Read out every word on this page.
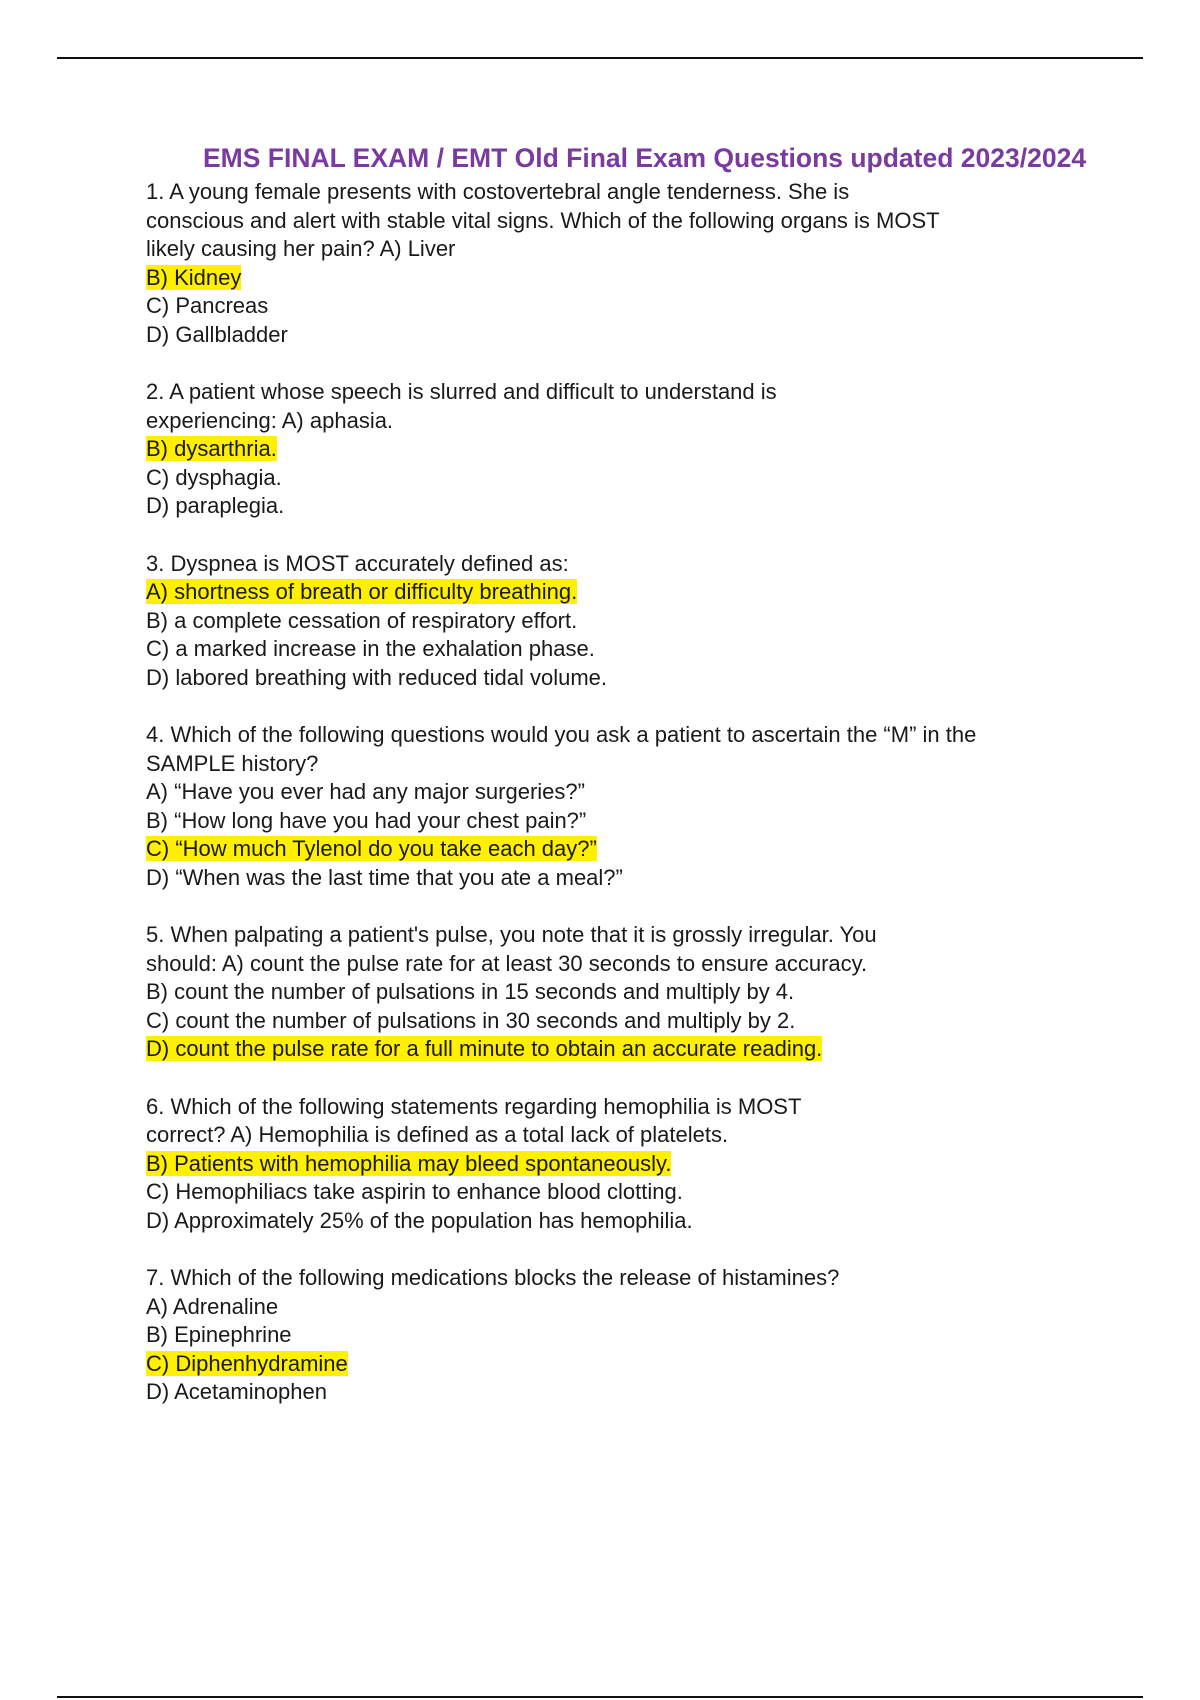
EMS FINAL EXAM / EMT Old Final Exam Questions updated 2023/2024
1. A young female presents with costovertebral angle tenderness. She is
conscious and alert with stable vital signs. Which of the following organs is MOST
likely causing her pain? A) Liver
B) Kidney
C) Pancreas
D) Gallbladder
2. A patient whose speech is slurred and difficult to understand is
experiencing: A) aphasia.
B) dysarthria.
C) dysphagia.
D) paraplegia.
3. Dyspnea is MOST accurately defined as:
A) shortness of breath or difficulty breathing.
B) a complete cessation of respiratory effort.
C) a marked increase in the exhalation phase.
D) labored breathing with reduced tidal volume.
4. Which of the following questions would you ask a patient to ascertain the “M” in the
SAMPLE history?
A) “Have you ever had any major surgeries?”
B) “How long have you had your chest pain?”
C) “How much Tylenol do you take each day?”
D) “When was the last time that you ate a meal?”
5. When palpating a patient's pulse, you note that it is grossly irregular. You
should: A) count the pulse rate for at least 30 seconds to ensure accuracy.
B) count the number of pulsations in 15 seconds and multiply by 4.
C) count the number of pulsations in 30 seconds and multiply by 2.
D) count the pulse rate for a full minute to obtain an accurate reading.
6. Which of the following statements regarding hemophilia is MOST
correct? A) Hemophilia is defined as a total lack of platelets.
B) Patients with hemophilia may bleed spontaneously.
C) Hemophiliacs take aspirin to enhance blood clotting.
D) Approximately 25% of the population has hemophilia.
7. Which of the following medications blocks the release of histamines?
A) Adrenaline
B) Epinephrine
C) Diphenhydramine
D) Acetaminophen
